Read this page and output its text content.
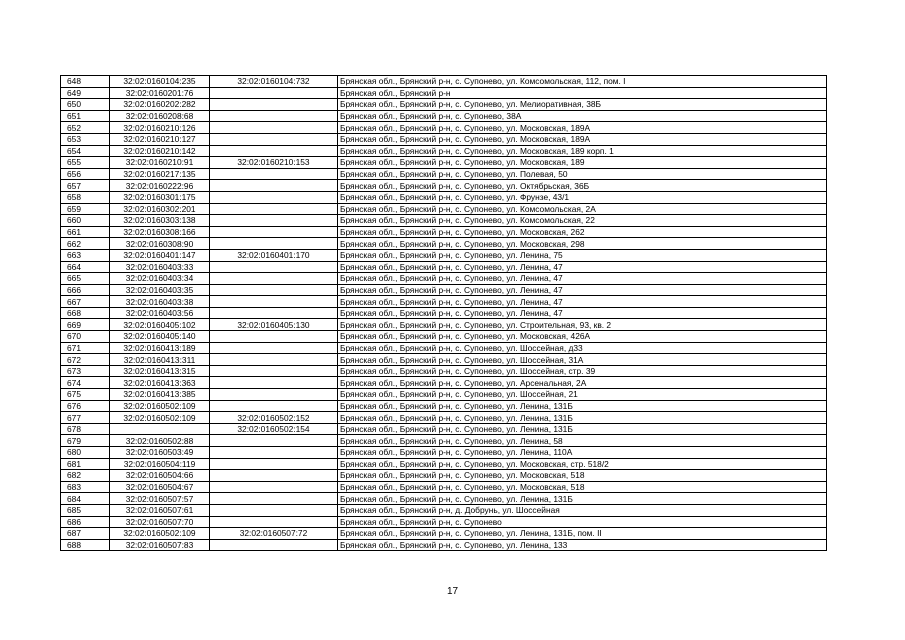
648	32:02:0160104:235	32:02:0160104:732	Брянская обл., Брянский р-н, с. Супонево, ул. Комсомольская, 112, пом. I
649	32:02:0160201:76		Брянская обл., Брянский р-н
650	32:02:0160202:282		Брянская обл., Брянский р-н, с. Супонево, ул. Мелиоративная, 38Б
651	32:02:0160208:68		Брянская обл., Брянский р-н, с. Супонево, 38А
652	32:02:0160210:126		Брянская обл., Брянский р-н, с. Супонево, ул. Московская, 189А
653	32:02:0160210:127		Брянская обл., Брянский р-н, с. Супонево, ул. Московская, 189А
654	32:02:0160210:142		Брянская обл., Брянский р-н, с. Супонево, ул. Московская, 189 корп. 1
655	32:02:0160210:91	32:02:0160210:153	Брянская обл., Брянский р-н, с. Супонево, ул. Московская, 189
656	32:02:0160217:135		Брянская обл., Брянский р-н, с. Супонево, ул. Полевая, 50
657	32:02:0160222:96		Брянская обл., Брянский р-н, с. Супонево, ул. Октябрьская, 36Б
658	32:02:0160301:175		Брянская обл., Брянский р-н, с. Супонево, ул. Фрунзе, 43/1
659	32:02:0160302:201		Брянская обл., Брянский р-н, с. Супонево, ул. Комсомольская, 2А
660	32:02:0160303:138		Брянская обл., Брянский р-н, с. Супонево, ул. Комсомольская, 22
661	32:02:0160308:166		Брянская обл., Брянский р-н, с. Супонево, ул. Московская, 262
662	32:02:0160308:90		Брянская обл., Брянский р-н, с. Супонево, ул. Московская, 298
663	32:02:0160401:147	32:02:0160401:170	Брянская обл., Брянский р-н, с. Супонево, ул. Ленина, 75
664	32:02:0160403:33		Брянская обл., Брянский р-н, с. Супонево, ул. Ленина, 47
665	32:02:0160403:34		Брянская обл., Брянский р-н, с. Супонево, ул. Ленина, 47
666	32:02:0160403:35		Брянская обл., Брянский р-н, с. Супонево, ул. Ленина, 47
667	32:02:0160403:38		Брянская обл., Брянский р-н, с. Супонево, ул. Ленина, 47
668	32:02:0160403:56		Брянская обл., Брянский р-н, с. Супонево, ул. Ленина, 47
669	32:02:0160405:102	32:02:0160405:130	Брянская обл., Брянский р-н, с. Супонево, ул. Строительная, 93, кв. 2
670	32:02:0160405:140		Брянская обл., Брянский р-н, с. Супонево, ул. Московская, 426А
671	32:02:0160413:189		Брянская обл., Брянский р-н, с. Супонево, ул. Шоссейная, д33
672	32:02:0160413:311		Брянская обл., Брянский р-н, с. Супонево, ул. Шоссейная, 31А
673	32:02:0160413:315		Брянская обл., Брянский р-н, с. Супонево, ул. Шоссейная, стр. 39
674	32:02:0160413:363		Брянская обл., Брянский р-н, с. Супонево, ул. Арсенальная, 2А
675	32:02:0160413:385		Брянская обл., Брянский р-н, с. Супонево, ул. Шоссейная, 21
676	32:02:0160502:109		Брянская обл., Брянский р-н, с. Супонево, ул. Ленина, 131Б
677	32:02:0160502:109	32:02:0160502:152	Брянская обл., Брянский р-н, с. Супонево, ул. Ленина, 131Б
678		32:02:0160502:154	Брянская обл., Брянский р-н, с. Супонево, ул. Ленина, 131Б
679	32:02:0160502:88		Брянская обл., Брянский р-н, с. Супонево, ул. Ленина, 58
680	32:02:0160503:49		Брянская обл., Брянский р-н, с. Супонево, ул. Ленина, 110А
681	32:02:0160504:119		Брянская обл., Брянский р-н, с. Супонево, ул. Московская, стр. 518/2
682	32:02:0160504:66		Брянская обл., Брянский р-н, с. Супонево, ул. Московская, 518
683	32:02:0160504:67		Брянская обл., Брянский р-н, с. Супонево, ул. Московская, 518
684	32:02:0160507:57		Брянская обл., Брянский р-н, с. Супонево, ул. Ленина, 131Б
685	32:02:0160507:61		Брянская обл., Брянский р-н, д. Добрунь, ул. Шоссейная
686	32:02:0160507:70		Брянская обл., Брянский р-н, с. Супонево
687	32:02:0160502:109	32:02:0160507:72	Брянская обл., Брянский р-н, с. Супонево, ул. Ленина, 131Б, пом. II
688	32:02:0160507:83		Брянская обл., Брянский р-н, с. Супонево, ул. Ленина, 133
17
